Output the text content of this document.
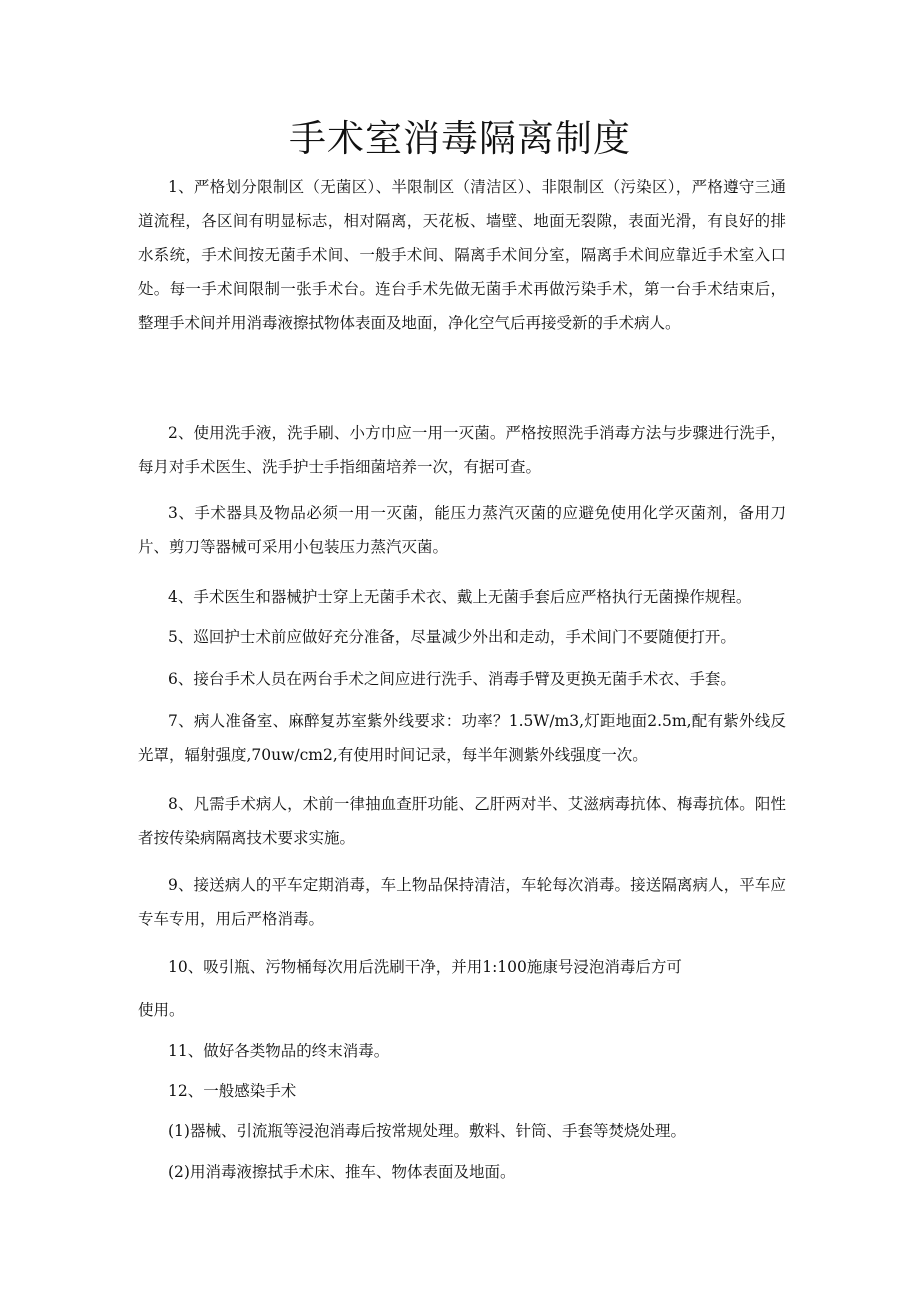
手术室消毒隔离制度

1、严格划分限制区（无菌区）、半限制区（清洁区）、非限制区（污染区），严格遵守三通道流程，各区间有明显标志，相对隔离，天花板、墙壁、地面无裂隙，表面光滑，有良好的排水系统，手术间按无菌手术间、一般手术间、隔离手术间分室，隔离手术间应靠近手术室入口处。每一手术间限制一张手术台。连台手术先做无菌手术再做污染手术，第一台手术结束后，整理手术间并用消毒液擦拭物体表面及地面，净化空气后再接受新的手术病人。

2、使用洗手液，洗手刷、小方巾应一用一灭菌。严格按照洗手消毒方法与步骤进行洗手，每月对手术医生、洗手护士手指细菌培养一次，有据可查。

3、手术器具及物品必须一用一灭菌，能压力蒸汽灭菌的应避免使用化学灭菌剂，备用刀片、剪刀等器械可采用小包装压力蒸汽灭菌。

4、手术医生和器械护士穿上无菌手术衣、戴上无菌手套后应严格执行无菌操作规程。

5、巡回护士术前应做好充分准备，尽量减少外出和走动，手术间门不要随便打开。

6、接台手术人员在两台手术之间应进行洗手、消毒手臂及更换无菌手术衣、手套。

7、病人准备室、麻醉复苏室紫外线要求：功率？1.5W∕m3,灯距地面2.5m,配有紫外线反光罩，辐射强度,70uw∕cm2,有使用时间记录，每半年测紫外线强度一次。

8、凡需手术病人，术前一律抽血查肝功能、乙肝两对半、艾滋病毒抗体、梅毒抗体。阳性者按传染病隔离技术要求实施。

9、接送病人的平车定期消毒，车上物品保持清洁，车轮每次消毒。接送隔离病人，平车应专车专用，用后严格消毒。

10、吸引瓶、污物桶每次用后洗刷干净，并用1:100施康号浸泡消毒后方可

使用。

11、做好各类物品的终末消毒。

12、一般感染手术

(1)器械、引流瓶等浸泡消毒后按常规处理。敷料、针筒、手套等焚烧处理。

(2)用消毒液擦拭手术床、推车、物体表面及地面。
